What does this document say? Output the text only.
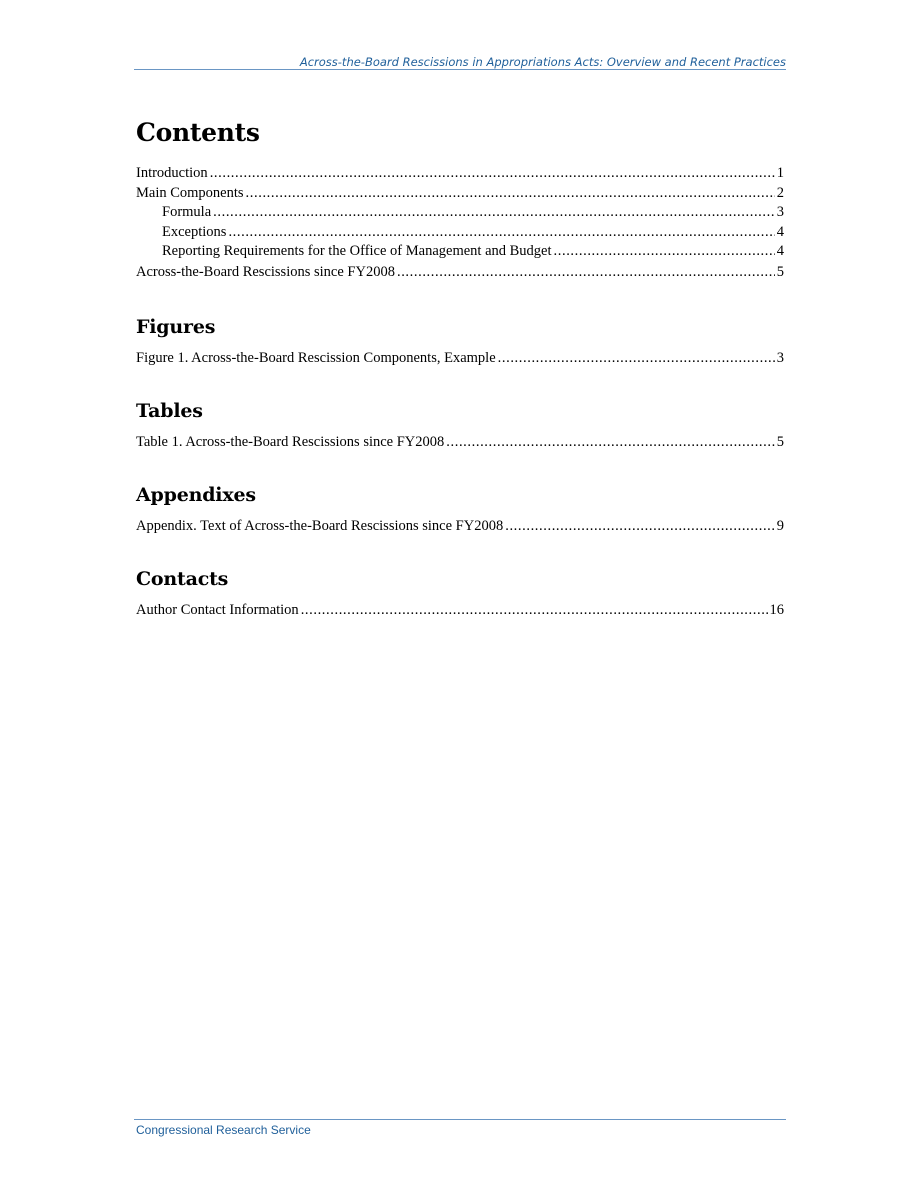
Across-the-Board Rescissions in Appropriations Acts: Overview and Recent Practices
Contents
Introduction .....	1
Main Components .....	2
Formula .....	3
Exceptions .....	4
Reporting Requirements for the Office of Management and Budget .....	4
Across-the-Board Rescissions since FY2008 .....	5
Figures
Figure 1. Across-the-Board Rescission Components, Example .....	3
Tables
Table 1. Across-the-Board Rescissions since FY2008 .....	5
Appendixes
Appendix. Text of Across-the-Board Rescissions since FY2008 .....	9
Contacts
Author Contact Information .....	16
Congressional Research Service
